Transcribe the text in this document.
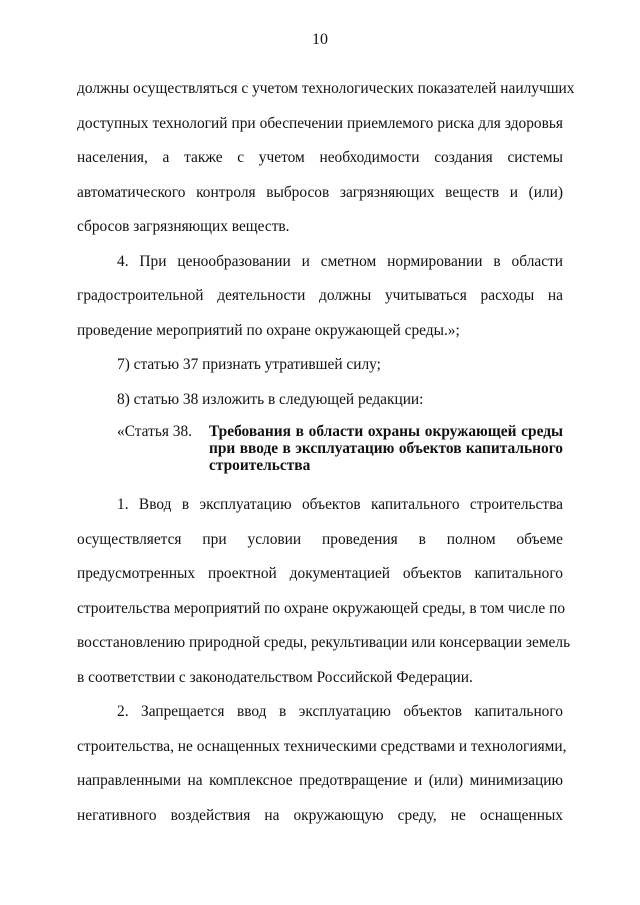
10
должны осуществляться с учетом технологических показателей наилучших
доступных технологий при обеспечении приемлемого риска для здоровья
населения, а также с учетом необходимости создания системы
автоматического контроля выбросов загрязняющих веществ и (или)
сбросов загрязняющих веществ.
4. При ценообразовании и сметном нормировании в области
градостроительной деятельности должны учитываться расходы на
проведение мероприятий по охране окружающей среды.»;
7) статью 37 признать утратившей силу;
8) статью 38 изложить в следующей редакции:
«Статья 38.	Требования в области охраны окружающей среды
при вводе в эксплуатацию объектов капитального
строительства
1. Ввод в эксплуатацию объектов капитального строительства
осуществляется при условии проведения в полном объеме
предусмотренных проектной документацией объектов капитального
строительства мероприятий по охране окружающей среды, в том числе по
восстановлению природной среды, рекультивации или консервации земель
в соответствии с законодательством Российской Федерации.
2. Запрещается ввод в эксплуатацию объектов капитального
строительства, не оснащенных техническими средствами и технологиями,
направленными на комплексное предотвращение и (или) минимизацию
негативного воздействия на окружающую среду, не оснащенных
